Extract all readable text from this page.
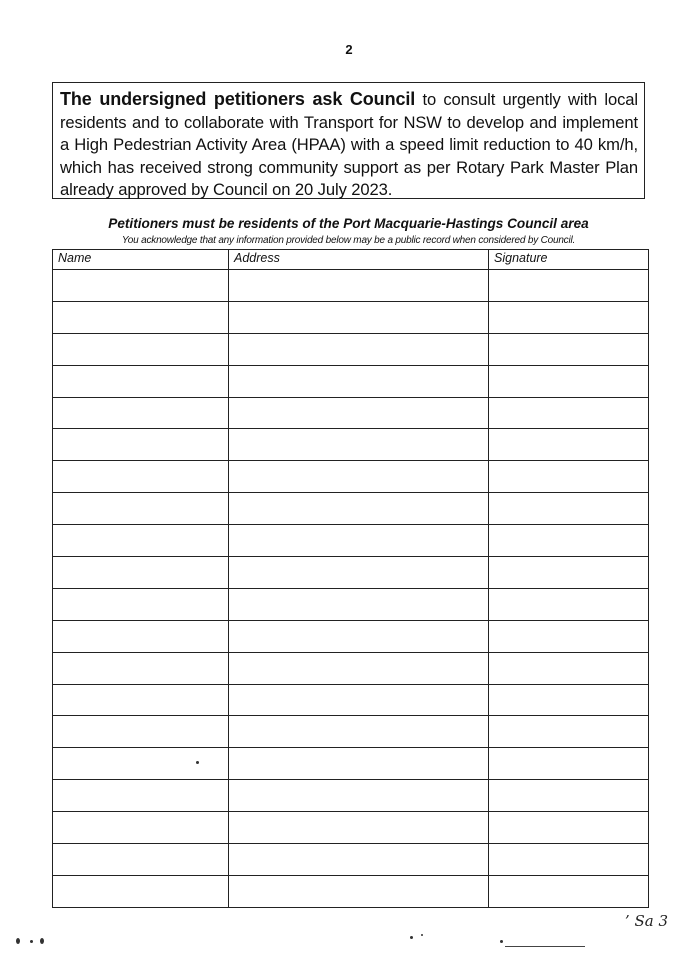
2
The undersigned petitioners ask Council to consult urgently with local residents and to collaborate with Transport for NSW to develop and implement a High Pedestrian Activity Area (HPAA) with a speed limit reduction to 40 km/h, which has received strong community support as per Rotary Park Master Plan already approved by Council on 20 July 2023.
Petitioners must be residents of the Port Macquarie-Hastings Council area
You acknowledge that any information provided below may be a public record when considered by Council.
Name	Address	Signature

’ Sa 3
